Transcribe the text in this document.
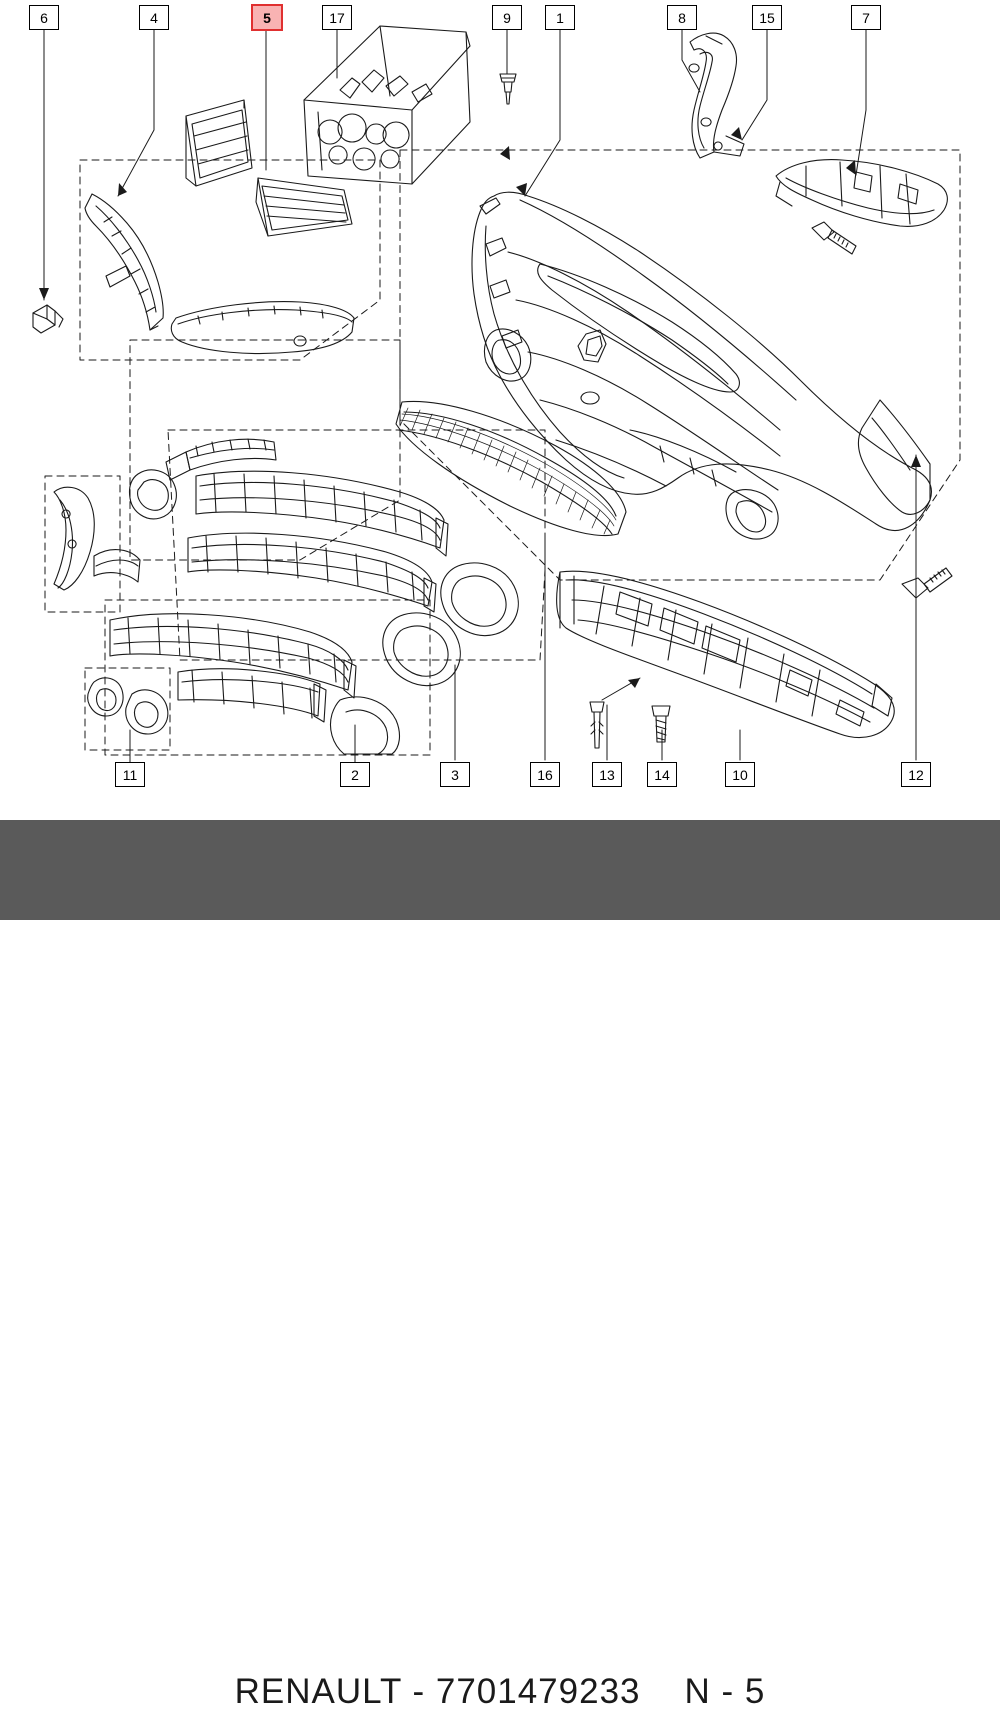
6	4	5	17	9	1	8	15	7
11	2	3	16	13	14	10	12
RENAULT - 7701479233 N - 5
